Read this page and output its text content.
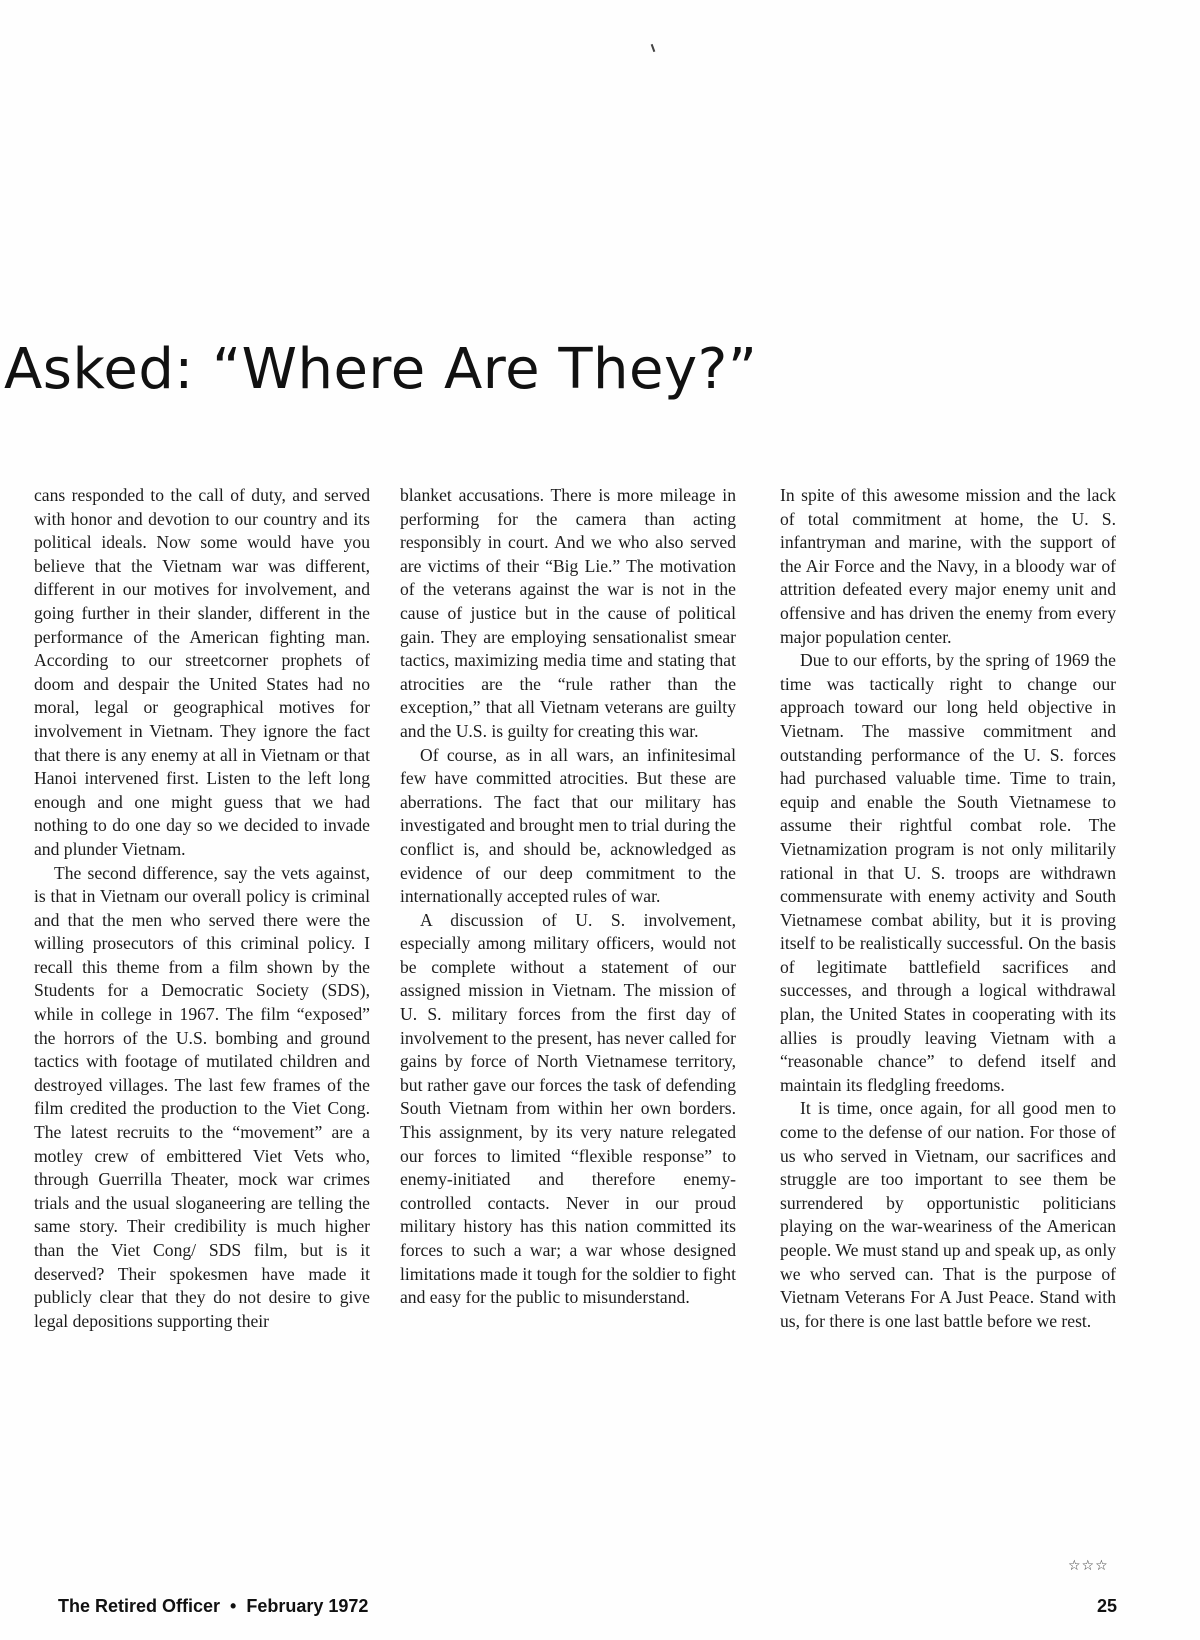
Asked: “Where Are They?”

cans responded to the call of duty, and served with honor and devotion to our country and its political ideals. Now some would have you believe that the Vietnam war was different, different in our motives for involvement, and going further in their slander, different in the performance of the American fighting man. According to our streetcorner prophets of doom and despair the United States had no moral, legal or geographical motives for involvement in Vietnam. They ignore the fact that there is any enemy at all in Vietnam or that Hanoi intervened first. Listen to the left long enough and one might guess that we had nothing to do one day so we decided to invade and plunder Vietnam.

The second difference, say the vets against, is that in Vietnam our overall policy is criminal and that the men who served there were the willing prosecutors of this criminal policy. I recall this theme from a film shown by the Students for a Democratic Society (SDS), while in college in 1967. The film “exposed” the horrors of the U.S. bombing and ground tactics with footage of mutilated children and destroyed villages. The last few frames of the film credited the production to the Viet Cong. The latest recruits to the “movement” are a motley crew of embittered Viet Vets who, through Guerrilla Theater, mock war crimes trials and the usual sloganeering are telling the same story. Their credibility is much higher than the Viet Cong/ SDS film, but is it deserved? Their spokesmen have made it publicly clear that they do not desire to give legal depositions supporting their

blanket accusations. There is more mileage in performing for the camera than acting responsibly in court. And we who also served are victims of their “Big Lie.” The motivation of the veterans against the war is not in the cause of justice but in the cause of political gain. They are employing sensationalist smear tactics, maximizing media time and stating that atrocities are the “rule rather than the exception,” that all Vietnam veterans are guilty and the U.S. is guilty for creating this war.

Of course, as in all wars, an infinitesimal few have committed atrocities. But these are aberrations. The fact that our military has investigated and brought men to trial during the conflict is, and should be, acknowledged as evidence of our deep commitment to the internationally accepted rules of war.

A discussion of U. S. involvement, especially among military officers, would not be complete without a statement of our assigned mission in Vietnam. The mission of U. S. military forces from the first day of involvement to the present, has never called for gains by force of North Vietnamese territory, but rather gave our forces the task of defending South Vietnam from within her own borders. This assignment, by its very nature relegated our forces to limited “flexible response” to enemy-initiated and therefore enemy-controlled contacts. Never in our proud military history has this nation committed its forces to such a war; a war whose designed limitations made it tough for the soldier to fight and easy for the public to misunderstand.

In spite of this awesome mission and the lack of total commitment at home, the U. S. infantryman and marine, with the support of the Air Force and the Navy, in a bloody war of attrition defeated every major enemy unit and offensive and has driven the enemy from every major population center.

Due to our efforts, by the spring of 1969 the time was tactically right to change our approach toward our long held objective in Vietnam. The massive commitment and outstanding performance of the U. S. forces had purchased valuable time. Time to train, equip and enable the South Vietnamese to assume their rightful combat role. The Vietnamization program is not only militarily rational in that U. S. troops are withdrawn commensurate with enemy activity and South Vietnamese combat ability, but it is proving itself to be realistically successful. On the basis of legitimate battlefield sacrifices and successes, and through a logical withdrawal plan, the United States in cooperating with its allies is proudly leaving Vietnam with a “reasonable chance” to defend itself and maintain its fledgling freedoms.

It is time, once again, for all good men to come to the defense of our nation. For those of us who served in Vietnam, our sacrifices and struggle are too important to see them be surrendered by opportunistic politicians playing on the war-weariness of the American people. We must stand up and speak up, as only we who served can. That is the purpose of Vietnam Veterans For A Just Peace. Stand with us, for there is one last battle before we rest.

☆☆☆
The Retired Officer • February 1972	25
